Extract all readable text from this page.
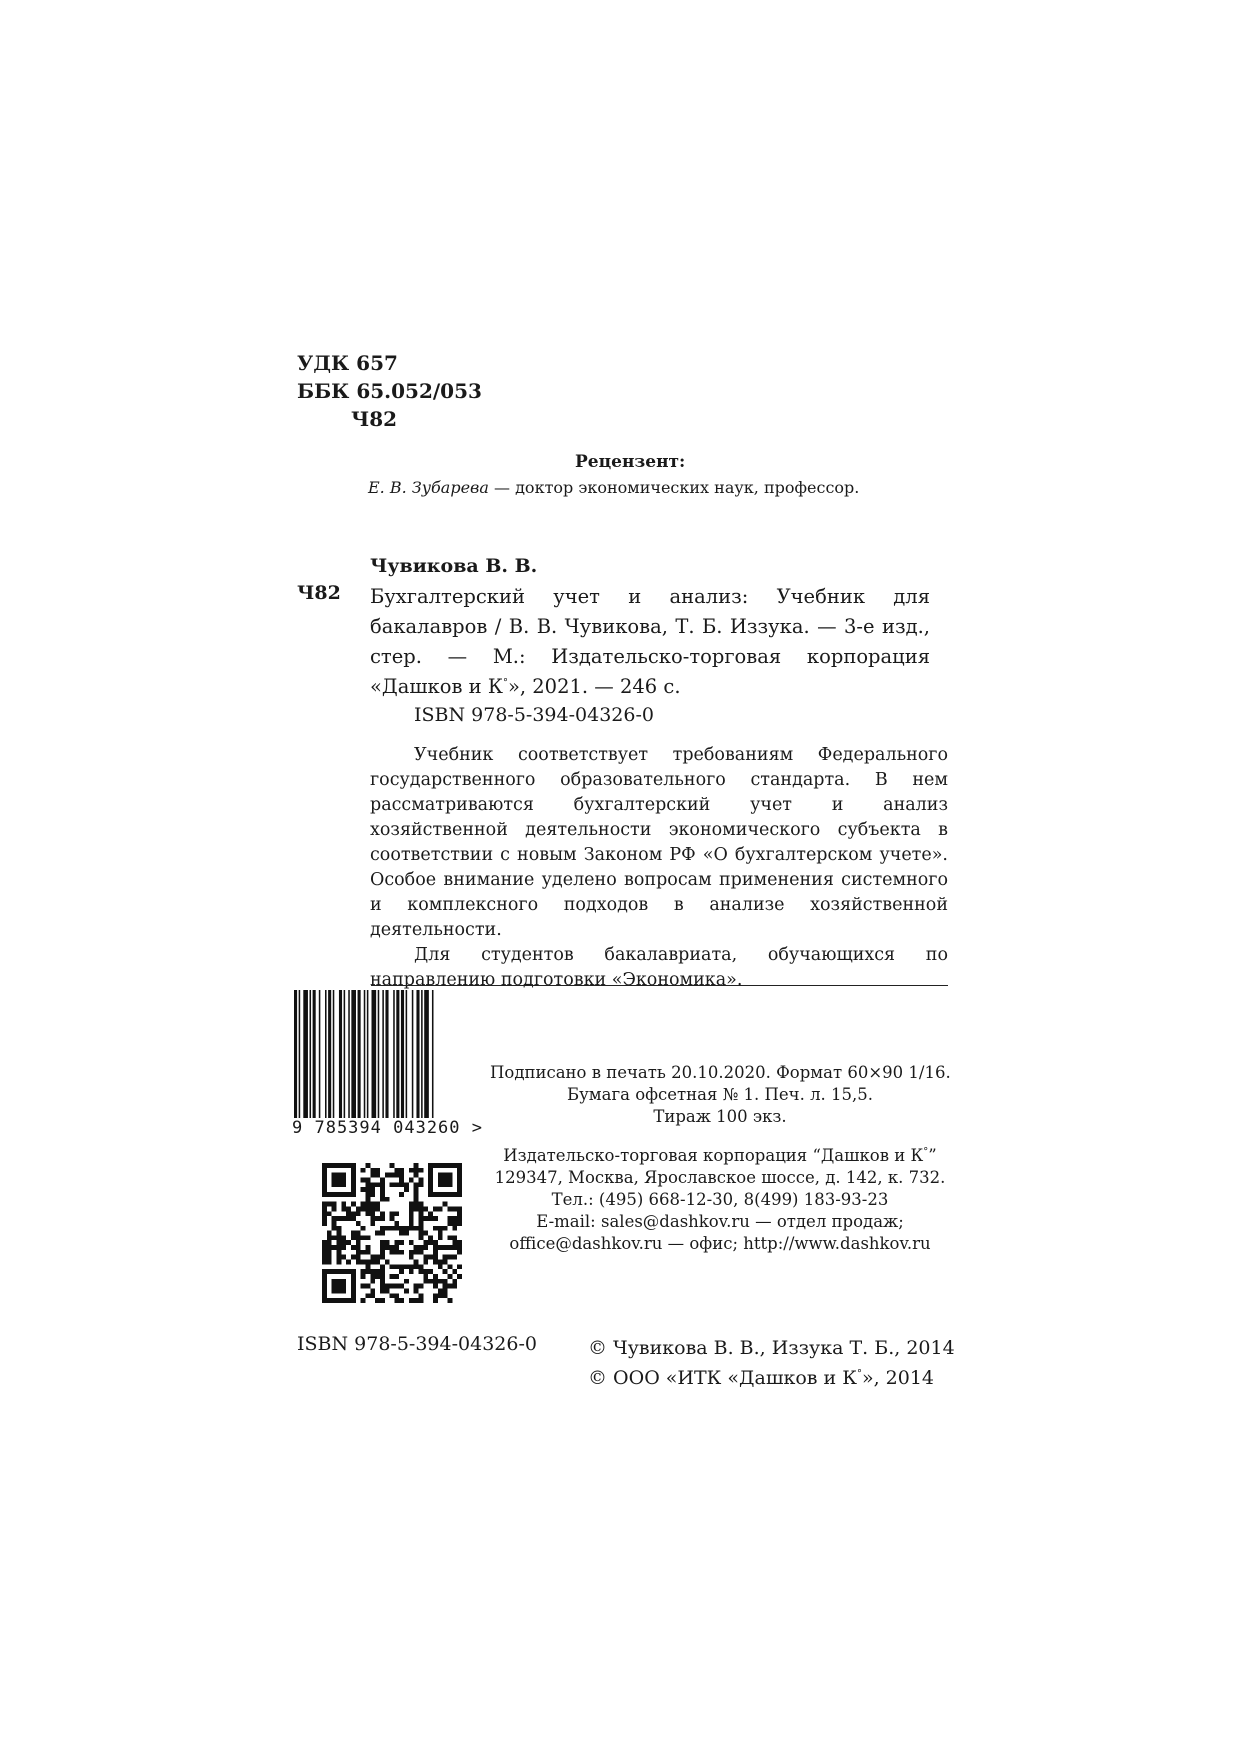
УДК 657
ББК 65.052/053
Ч82
Рецензент:
Е. В. Зубарева — доктор экономических наук, профессор.
Чувикова В. В.
Ч82 Бухгалтерский учет и анализ: Учебник для бакалавров / В. В. Чувикова, Т. Б. Иззука. — 3-е изд., стер. — М.: Издательско-торговая корпорация «Дашков и К°», 2021. — 246 с.
ISBN 978-5-394-04326-0

Учебник соответствует требованиям Федерального государственного образовательного стандарта. В нем рассматриваются бухгалтерский учет и анализ хозяйственной деятельности экономического субъекта в соответствии с новым Законом РФ «О бухгалтерском учете». Особое внимание уделено вопросам применения системного и комплексного подходов в анализе хозяйственной деятельности.

Для студентов бакалавриата, обучающихся по направлению подготовки «Экономика».

9 785394 043260 >
Подписано в печать 20.10.2020. Формат 60×90 1/16.
Бумага офсетная № 1. Печ. л. 15,5.
Тираж 100 экз.
Издательско-торговая корпорация “Дашков и К°”
129347, Москва, Ярославское шоссе, д. 142, к. 732.
Тел.: (495) 668-12-30, 8(499) 183-93-23
E-mail: sales@dashkov.ru — отдел продаж;
office@dashkov.ru — офис; http://www.dashkov.ru
ISBN 978-5-394-04326-0	© Чувикова В. В., Иззука Т. Б., 2014
© ООО «ИТК «Дашков и К°», 2014
